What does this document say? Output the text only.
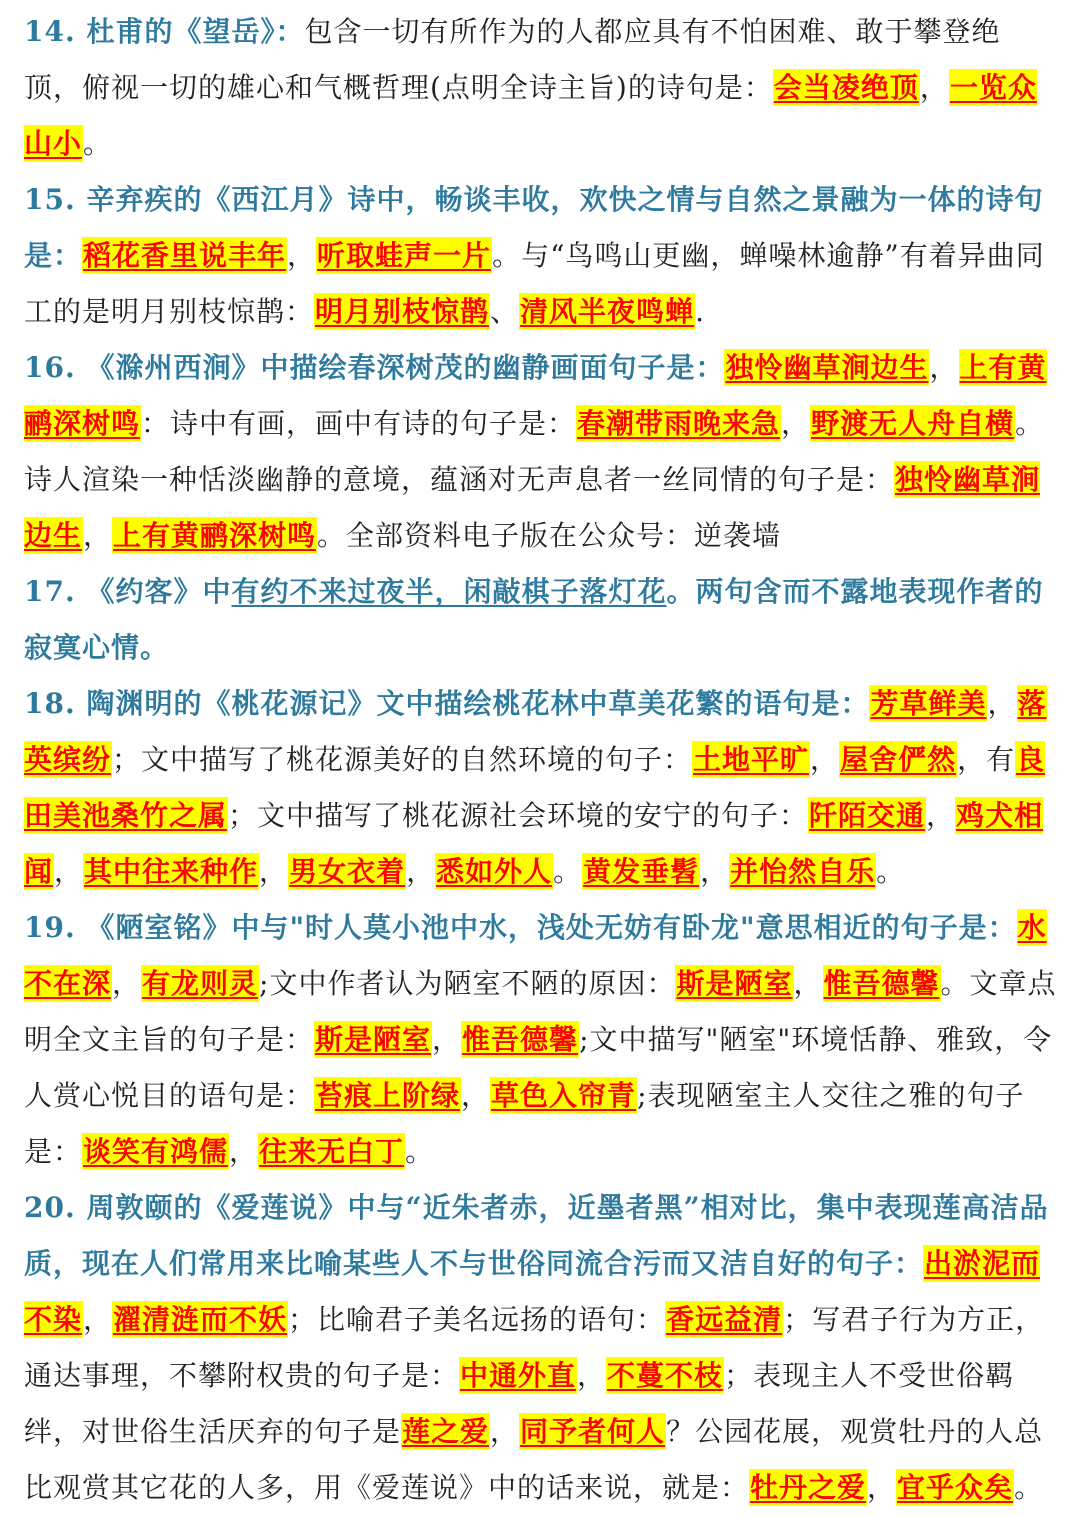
14. 杜甫的《望岳》：包含一切有所作为的人都应具有不怕困难、敢于攀登绝顶，俯视一切的雄心和气概哲理(点明全诗主旨)的诗句是：会当凌绝顶，一览众山小。

15. 辛弃疾的《西江月》诗中，畅谈丰收，欢快之情与自然之景融为一体的诗句是：稻花香里说丰年，听取蛙声一片。与“鸟鸣山更幽，蝉噪林逾静”有着异曲同工的是明月别枝惊鹊：明月别枝惊鹊、清风半夜鸣蝉.

16. 《滁州西涧》中描绘春深树茂的幽静画面句子是：独怜幽草涧边生，上有黄鹂深树鸣：诗中有画，画中有诗的句子是：春潮带雨晚来急，野渡无人舟自横。诗人渲染一种恬淡幽静的意境，蕴涵对无声息者一丝同情的句子是：独怜幽草涧边生，上有黄鹂深树鸣。全部资料电子版在公众号：逆袭墙

17. 《约客》中有约不来过夜半，闲敲棋子落灯花。两句含而不露地表现作者的寂寞心情。

18. 陶渊明的《桃花源记》文中描绘桃花林中草美花繁的语句是：芳草鲜美，落英缤纷；文中描写了桃花源美好的自然环境的句子：土地平旷，屋舍俨然，有良田美池桑竹之属；文中描写了桃花源社会环境的安宁的句子：阡陌交通，鸡犬相闻，其中往来种作，男女衣着，悉如外人。黄发垂髫，并怡然自乐。

19. 《陋室铭》中与"时人莫小池中水，浅处无妨有卧龙"意思相近的句子是：水不在深，有龙则灵;文中作者认为陋室不陋的原因：斯是陋室，惟吾德馨。文章点明全文主旨的句子是：斯是陋室，惟吾德馨;文中描写"陋室"环境恬静、雅致，令人赏心悦目的语句是：苔痕上阶绿，草色入帘青;表现陋室主人交往之雅的句子是：谈笑有鸿儒，往来无白丁。

20. 周敦颐的《爱莲说》中与“近朱者赤，近墨者黑”相对比，集中表现莲高洁品质，现在人们常用来比喻某些人不与世俗同流合污而又洁自好的句子：出淤泥而不染，濯清涟而不妖；比喻君子美名远扬的语句：香远益清；写君子行为方正，通达事理，不攀附权贵的句子是：中通外直，不蔓不枝；表现主人不受世俗羁绊，对世俗生活厌弃的句子是莲之爱，同予者何人？公园花展，观赏牡丹的人总比观赏其它花的人多，用《爱莲说》中的话来说，就是：牡丹之爱，宜乎众矣。
